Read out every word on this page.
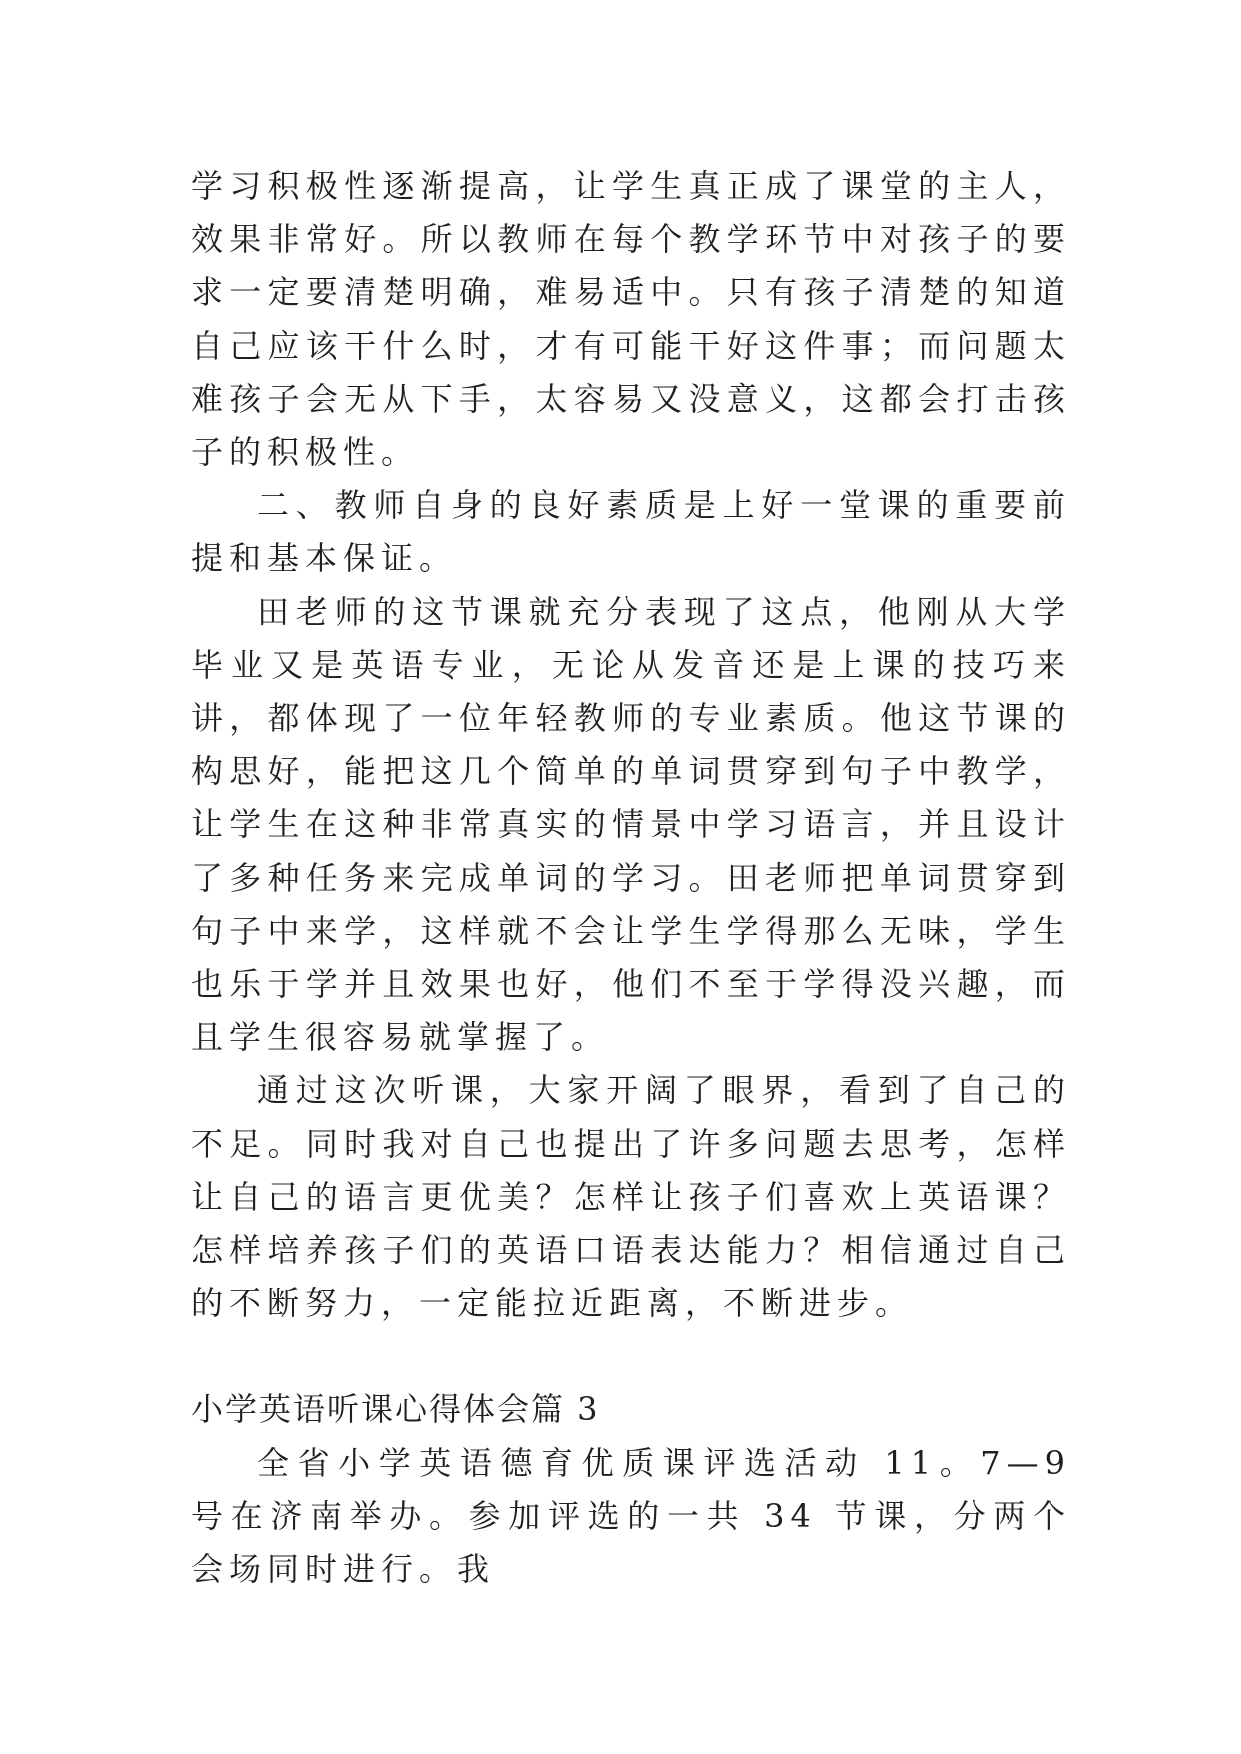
学习积极性逐渐提高，让学生真正成了课堂的主人，效果非常好。所以教师在每个教学环节中对孩子的要求一定要清楚明确，难易适中。只有孩子清楚的知道自己应该干什么时，才有可能干好这件事；而问题太难孩子会无从下手，太容易又没意义，这都会打击孩子的积极性。

二、教师自身的良好素质是上好一堂课的重要前提和基本保证。

田老师的这节课就充分表现了这点，他刚从大学毕业又是英语专业，无论从发音还是上课的技巧来讲，都体现了一位年轻教师的专业素质。他这节课的构思好，能把这几个简单的单词贯穿到句子中教学，让学生在这种非常真实的情景中学习语言，并且设计了多种任务来完成单词的学习。田老师把单词贯穿到句子中来学，这样就不会让学生学得那么无味，学生也乐于学并且效果也好，他们不至于学得没兴趣，而且学生很容易就掌握了。

通过这次听课，大家开阔了眼界，看到了自己的不足。同时我对自己也提出了许多问题去思考，怎样让自己的语言更优美？怎样让孩子们喜欢上英语课？怎样培养孩子们的英语口语表达能力？相信通过自己的不断努力，一定能拉近距离，不断进步。

小学英语听课心得体会篇 3

全省小学英语德育优质课评选活动 11。7—9 号在济南举办。参加评选的一共 34 节课，分两个会场同时进行。我
